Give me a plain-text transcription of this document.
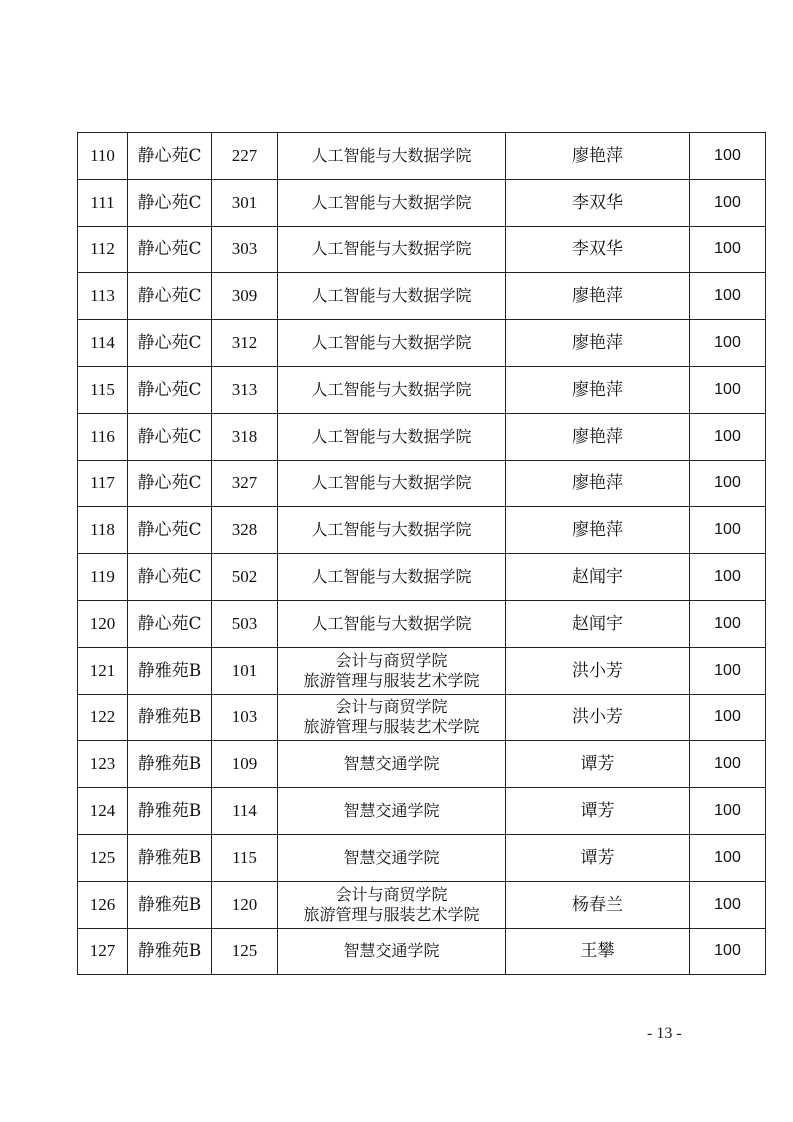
110	静心苑C	227	人工智能与大数据学院	廖艳萍	100
111	静心苑C	301	人工智能与大数据学院	李双华	100
112	静心苑C	303	人工智能与大数据学院	李双华	100
113	静心苑C	309	人工智能与大数据学院	廖艳萍	100
114	静心苑C	312	人工智能与大数据学院	廖艳萍	100
115	静心苑C	313	人工智能与大数据学院	廖艳萍	100
116	静心苑C	318	人工智能与大数据学院	廖艳萍	100
117	静心苑C	327	人工智能与大数据学院	廖艳萍	100
118	静心苑C	328	人工智能与大数据学院	廖艳萍	100
119	静心苑C	502	人工智能与大数据学院	赵闻宇	100
120	静心苑C	503	人工智能与大数据学院	赵闻宇	100
121	静雅苑B	101	会计与商贸学院
旅游管理与服装艺术学院	洪小芳	100
122	静雅苑B	103	会计与商贸学院
旅游管理与服装艺术学院	洪小芳	100
123	静雅苑B	109	智慧交通学院	谭芳	100
124	静雅苑B	114	智慧交通学院	谭芳	100
125	静雅苑B	115	智慧交通学院	谭芳	100
126	静雅苑B	120	会计与商贸学院
旅游管理与服装艺术学院	杨春兰	100
127	静雅苑B	125	智慧交通学院	王攀	100
- 13 -
